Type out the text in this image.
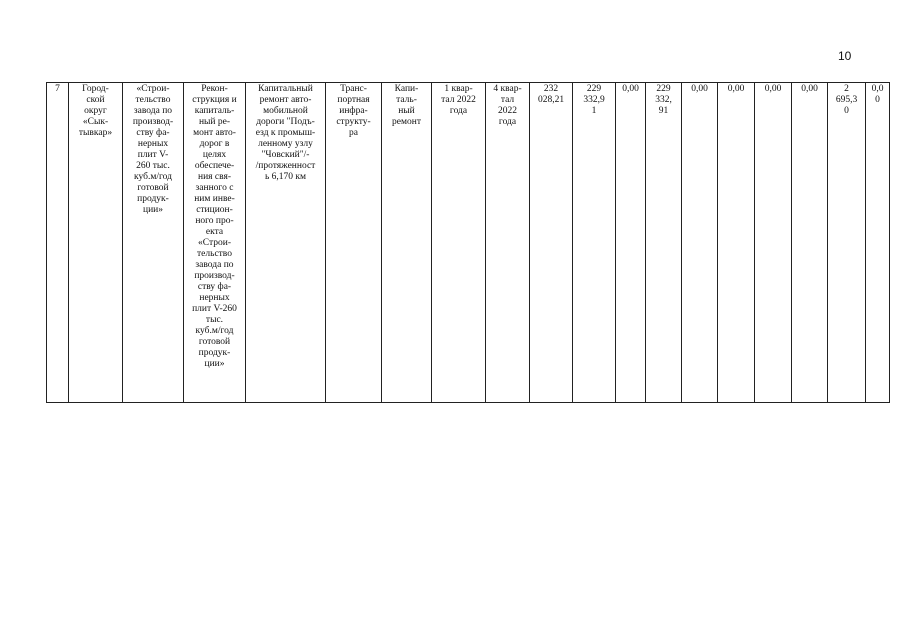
10
7	Город-
ской
округ
«Сык-
тывкар»	«Строи-
тельство
завода по
производ-
ству фа-
нерных
плит V-
260 тыс.
куб.м/год
готовой
продук-
ции»	Рекон-
струкция и
капиталь-
ный ре-
монт авто-
дорог в
целях
обеспече-
ния свя-
занного с
ним инве-
стицион-
ного про-
екта
«Строи-
тельство
завода по
производ-
ству фа-
нерных
плит V-260
тыс.
куб.м/год
готовой
продук-
ции»	Капитальный
ремонт авто-
мобильной
дороги "Подъ-
езд к промыш-
ленному узлу
"Човский"/-
/протяженност
ь 6,170 км	Транс-
портная
инфра-
структу-
ра	Капи-
таль-
ный
ремонт	1 квар-
тал 2022
года	4 квар-
тал
2022
года	232
028,21	229
332,9
1	0,00	229
332,
91	0,00	0,00	0,00	0,00	2
695,3
0	0,0
0
